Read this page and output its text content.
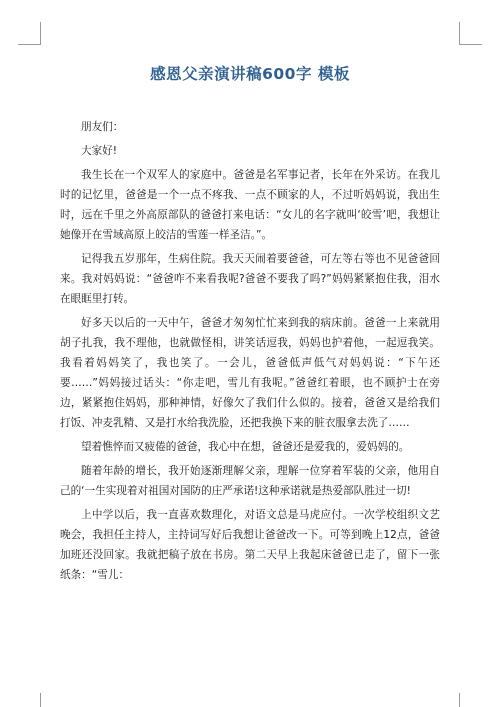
感恩父亲演讲稿600字 模板

朋友们：

大家好!

我生长在一个双军人的家庭中。爸爸是名军事记者，长年在外采访。在我儿时的记忆里，爸爸是一个一点不疼我、一点不顾家的人，不过听妈妈说，我出生时，远在千里之外高原部队的爸爸打来电话：“女儿的名字就叫‘皎雪’吧，我想让她像开在雪域高原上皎洁的雪莲一样圣洁。”。

记得我五岁那年，生病住院。我天天闹着要爸爸，可左等右等也不见爸爸回来。我对妈妈说：“爸爸咋不来看我呢?爸爸不要我了吗?”妈妈紧紧抱住我，泪水在眼眶里打转。

好多天以后的一天中午，爸爸才匆匆忙忙来到我的病床前。爸爸一上来就用胡子扎我，我不理他，也就做怪相，讲笑话逗我，妈妈也护着他，一起逗我笑。我看着妈妈笑了，我也笑了。一会儿，爸爸低声低气对妈妈说：“下午还要……”妈妈接过话头：“你走吧，雪儿有我呢。”爸爸红着眼，也不顾护士在旁边，紧紧抱住妈妈，那种神情，好像欠了我们什么似的。接着，爸爸又是给我们打饭、冲麦乳精、又是打水给我洗脸，还把我换下来的脏衣服拿去洗了……

望着憔悴而又疲倦的爸爸，我心中在想，爸爸还是爱我的，爱妈妈的。

随着年龄的增长，我开始逐渐理解父亲，理解一位穿着军装的父亲，他用自己的‘一生实现着对祖国对国防的庄严承诺!这种承诺就是热爱部队胜过一切!

上中学以后，我一直喜欢数理化，对语文总是马虎应付。一次学校组织文艺晚会，我担任主持人，主持词写好后我想让爸爸改一下。可等到晚上12点，爸爸加班还没回家。我就把稿子放在书房。第二天早上我起床爸爸已走了，留下一张纸条：“雪儿：
